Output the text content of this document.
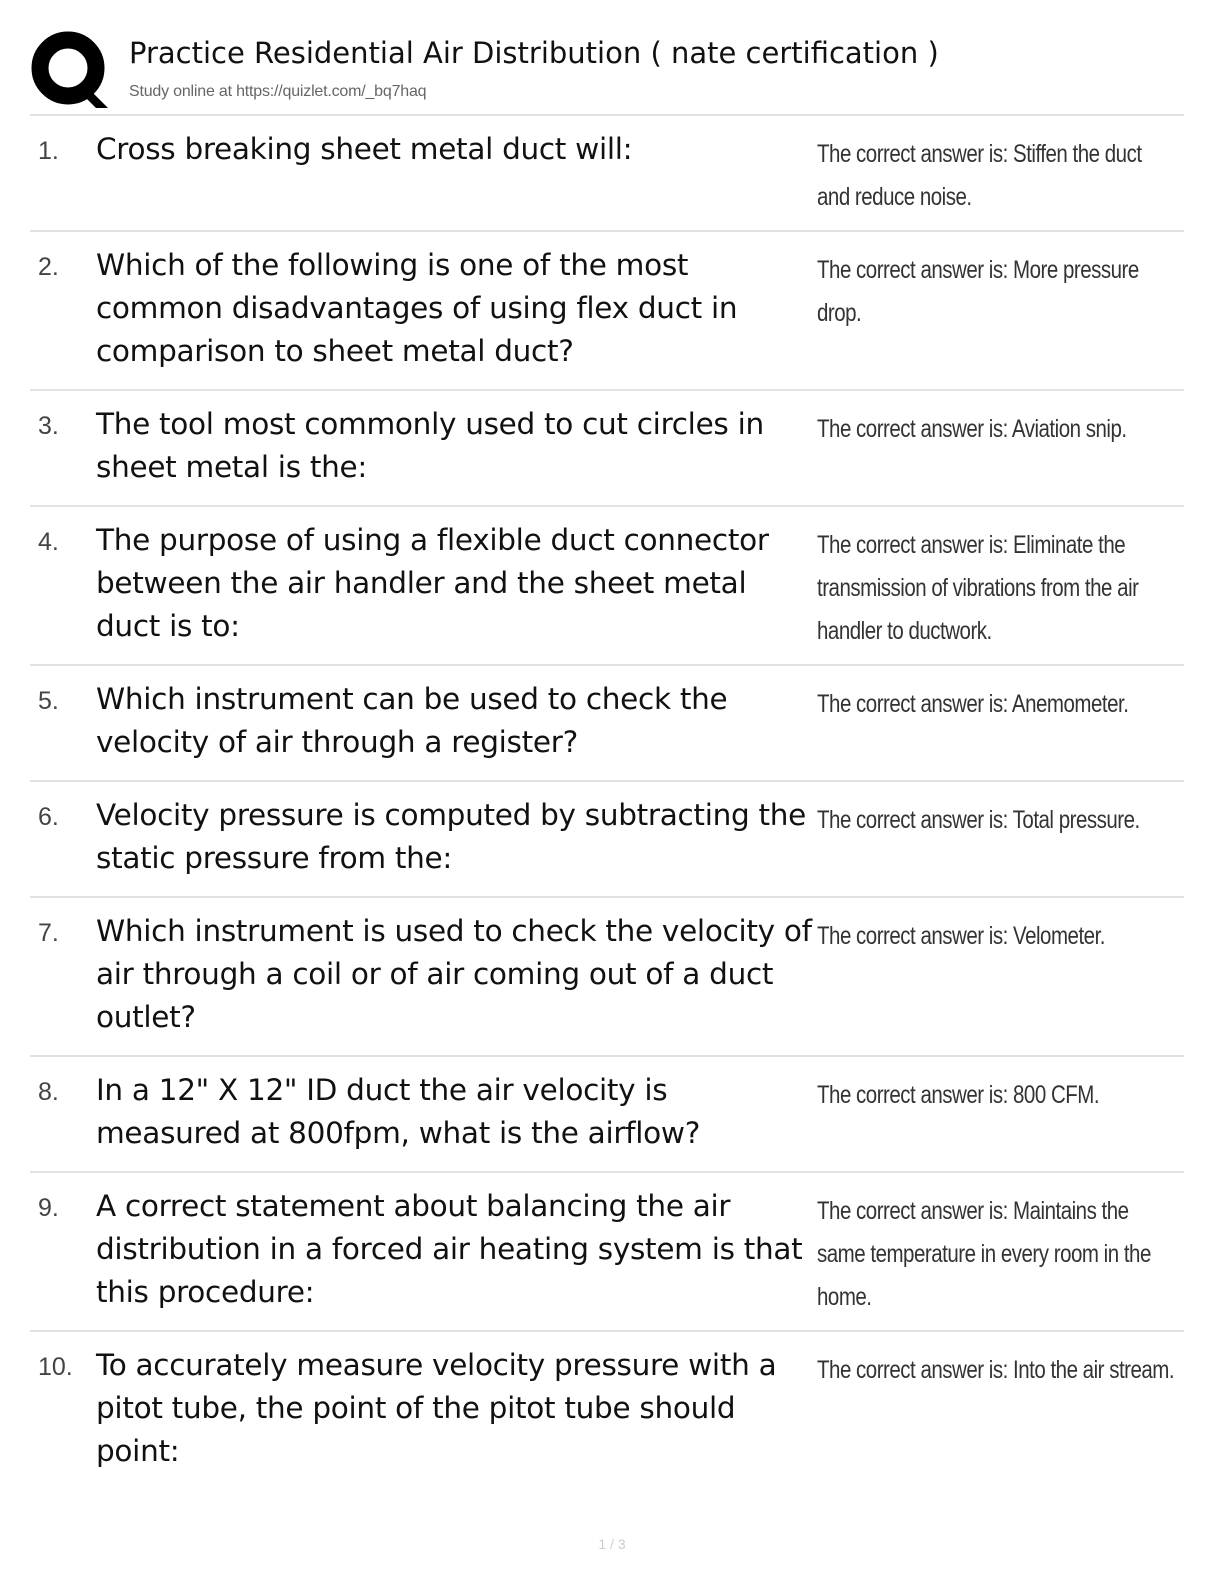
Practice Residential Air Distribution ( nate certification )
Study online at https://quizlet.com/_bq7haq
1. Cross breaking sheet metal duct will:	The correct answer is: Stiffen the duct and reduce noise.
2. Which of the following is one of the most common disadvantages of using flex duct in comparison to sheet metal duct?
The correct answer is: More pressure drop.
3. The tool most commonly used to cut circles in sheet metal is the:
The correct answer is: Aviation snip.
4. The purpose of using a flexible duct connector between the air handler and the sheet metal duct is to:
The correct answer is: Eliminate the transmission of vibrations from the air handler to ductwork.
5. Which instrument can be used to check the velocity of air through a register?
The correct answer is: Anemometer.
6. Velocity pressure is computed by subtracting the static pressure from the:
The correct answer is: Total pressure.
7. Which instrument is used to check the velocity of air through a coil or of air coming out of a duct outlet?
The correct answer is: Velometer.
8. In a 12" X 12" ID duct the air velocity is measured at 800fpm, what is the airflow?
The correct answer is: 800 CFM.
9. A correct statement about balancing the air distribution in a forced air heating system is that this procedure:
The correct answer is: Maintains the same temperature in every room in the home.
10. To accurately measure velocity pressure with a pitot tube, the point of the pitot tube should point:
The correct answer is: Into the air stream.
1 / 3
